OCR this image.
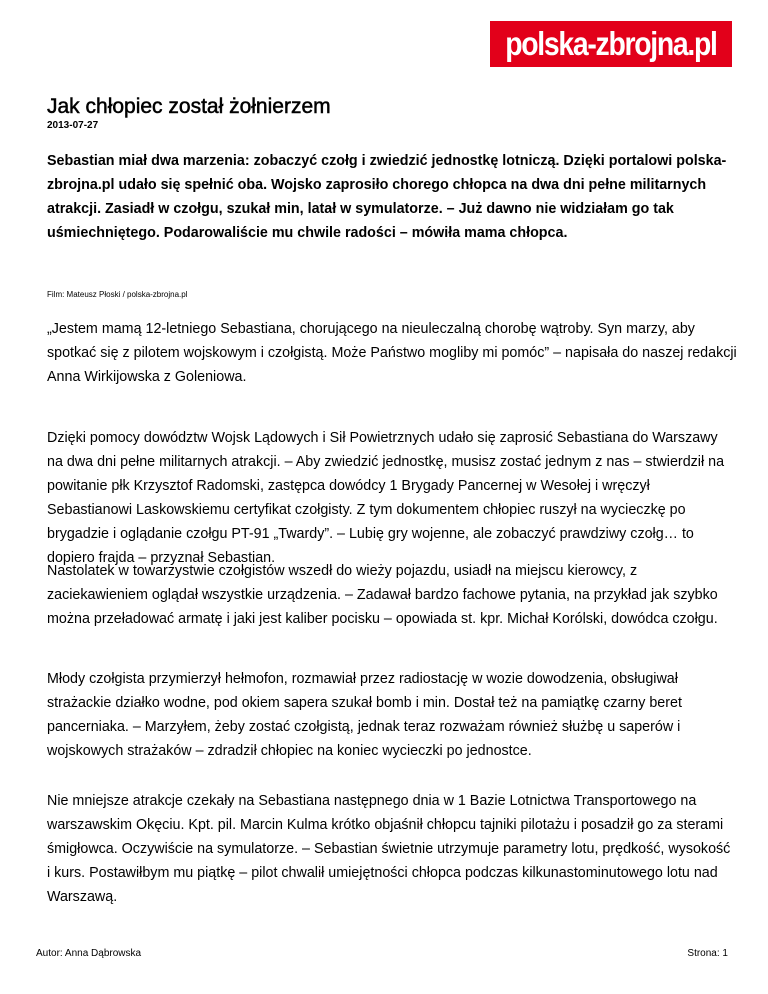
polska-zbrojna.pl
Jak chłopiec został żołnierzem
2013-07-27

Sebastian miał dwa marzenia: zobaczyć czołg i zwiedzić jednostkę lotniczą. Dzięki portalowi polska-zbrojna.pl udało się spełnić oba. Wojsko zaprosiło chorego chłopca na dwa dni pełne militarnych atrakcji. Zasiadł w czołgu, szukał min, latał w symulatorze. – Już dawno nie widziałam go tak uśmiechniętego. Podarowaliście mu chwile radości – mówiła mama chłopca.

Film: Mateusz Płoski / polska-zbrojna.pl

„Jestem mamą 12-letniego Sebastiana, chorującego na nieuleczalną chorobę wątroby. Syn marzy, aby spotkać się z pilotem wojskowym i czołgistą. Może Państwo mogliby mi pomóc” – napisała do naszej redakcji Anna Wirkijowska z Goleniowa.

Dzięki pomocy dowództw Wojsk Lądowych i Sił Powietrznych udało się zaprosić Sebastiana do Warszawy na dwa dni pełne militarnych atrakcji. – Aby zwiedzić jednostkę, musisz zostać jednym z nas – stwierdził na powitanie płk Krzysztof Radomski, zastępca dowódcy 1 Brygady Pancernej w Wesołej i wręczył Sebastianowi Laskowskiemu certyfikat czołgisty. Z tym dokumentem chłopiec ruszył na wycieczkę po brygadzie i oglądanie czołgu PT-91 „Twardy”. – Lubię gry wojenne, ale zobaczyć prawdziwy czołg… to dopiero frajda – przyznał Sebastian.

Nastolatek w towarzystwie czołgistów wszedł do wieży pojazdu, usiadł na miejscu kierowcy, z zaciekawieniem oglądał wszystkie urządzenia. – Zadawał bardzo fachowe pytania, na przykład jak szybko można przeładować armatę i jaki jest kaliber pocisku – opowiada st. kpr. Michał Korólski, dowódca czołgu.

Młody czołgista przymierzył hełmofon, rozmawiał przez radiostację w wozie dowodzenia, obsługiwał strażackie działko wodne, pod okiem sapera szukał bomb i min. Dostał też na pamiątkę czarny beret pancerniaka. – Marzyłem, żeby zostać czołgistą, jednak teraz rozważam również służbę u saperów i wojskowych strażaków – zdradził chłopiec na koniec wycieczki po jednostce.

Nie mniejsze atrakcje czekały na Sebastiana następnego dnia w 1 Bazie Lotnictwa Transportowego na warszawskim Okęciu. Kpt. pil. Marcin Kulma krótko objaśnił chłopcu tajniki pilotażu i posadził go za sterami śmigłowca. Oczywiście na symulatorze. – Sebastian świetnie utrzymuje parametry lotu, prędkość, wysokość i kurs. Postawiłbym mu piątkę – pilot chwalił umiejętności chłopca podczas kilkunastominutowego lotu nad Warszawą.

Autor: Anna Dąbrowska	Strona: 1
